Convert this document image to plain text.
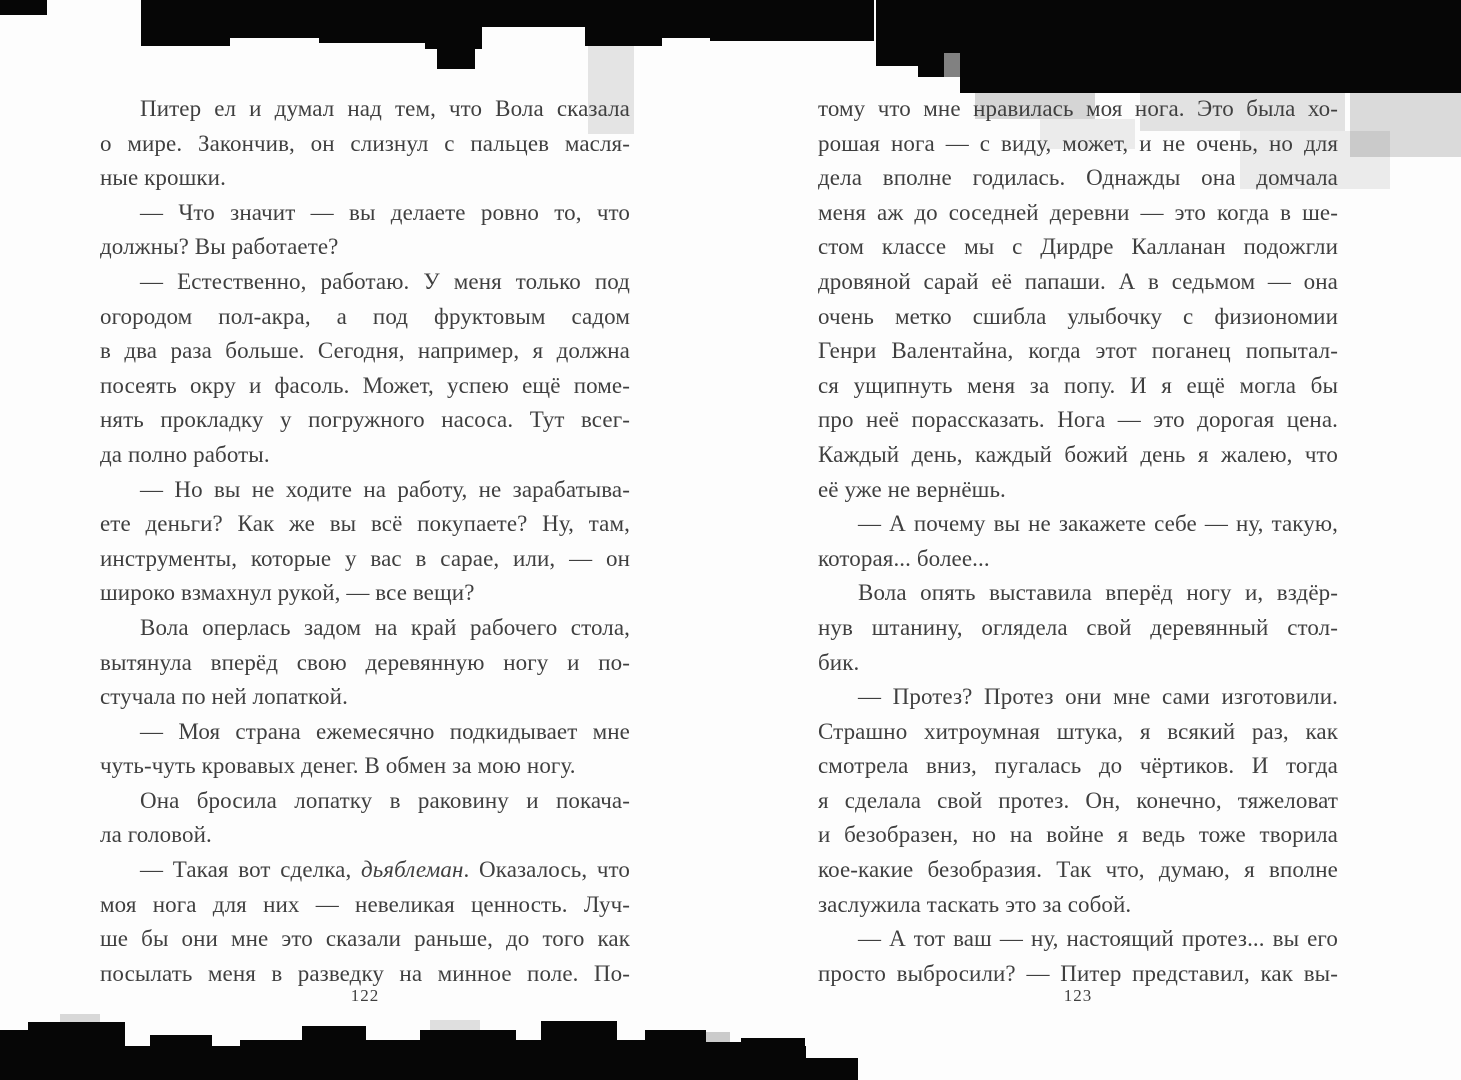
Питер ел и думал над тем, что Вола сказала
о мире. Закончив, он слизнул с пальцев масля-
ные крошки.
— Что значит — вы делаете ровно то, что
должны? Вы работаете?
— Естественно, работаю. У меня только под
огородом пол-акра, а под фруктовым садом
в два раза больше. Сегодня, например, я должна
посеять окру и фасоль. Может, успею ещё поме-
нять прокладку у погружного насоса. Тут всег-
да полно работы.
— Но вы не ходите на работу, не зарабатыва-
ете деньги? Как же вы всё покупаете? Ну, там,
инструменты, которые у вас в сарае, или, — он
широко взмахнул рукой, — все вещи?
Вола оперлась задом на край рабочего стола,
вытянула вперёд свою деревянную ногу и по-
стучала по ней лопаткой.
— Моя страна ежемесячно подкидывает мне
чуть-чуть кровавых денег. В обмен за мою ногу.
Она бросила лопатку в раковину и покача-
ла головой.
— Такая вот сделка, дьяблеман. Оказалось, что
моя нога для них — невеликая ценность. Луч-
ше бы они мне это сказали раньше, до того как
посылать меня в разведку на минное поле. По-
122
тому что мне нравилась моя нога. Это была хо-
рошая нога — с виду, может, и не очень, но для
дела вполне годилась. Однажды она домчала
меня аж до соседней деревни — это когда в ше-
стом классе мы с Дирдре Калланан подожгли
дровяной сарай её папаши. А в седьмом — она
очень метко сшибла улыбочку с физиономии
Генри Валентайна, когда этот поганец попытал-
ся ущипнуть меня за попу. И я ещё могла бы
про неё порассказать. Нога — это дорогая цена.
Каждый день, каждый божий день я жалею, что
её уже не вернёшь.
— А почему вы не закажете себе — ну, такую,
которая... более...
Вола опять выставила вперёд ногу и, вздёр-
нув штанину, оглядела свой деревянный стол-
бик.
— Протез? Протез они мне сами изготовили.
Страшно хитроумная штука, я всякий раз, как
смотрела вниз, пугалась до чёртиков. И тогда
я сделала свой протез. Он, конечно, тяжеловат
и безобразен, но на войне я ведь тоже творила
кое-какие безобразия. Так что, думаю, я вполне
заслужила таскать это за собой.
— А тот ваш — ну, настоящий протез... вы его
просто выбросили? — Питер представил, как вы-
123
